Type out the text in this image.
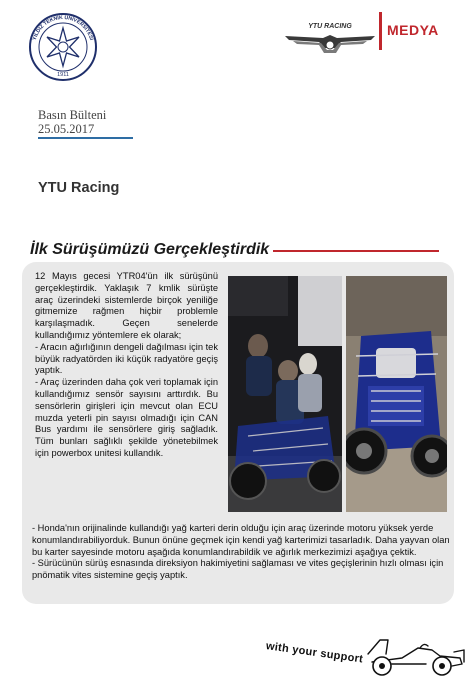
YILDIZ TEKNİK ÜNİVERSİTESİ
1911
YTU RACING	MEDYA
Basın Bülteni
25.05.2017
YTU Racing
İlk Sürüşümüzü Gerçekleştirdik

12 Mayıs gecesi YTR04'ün ilk sürüşünü gerçekleştirdik. Yaklaşık 7 kmlik sürüşte araç üzerindeki sistemlerde birçok yeniliğe gitmemize rağmen hiçbir problemle karşılaşmadık. Geçen senelerde kullandığımız yöntemlere ek olarak;

- Aracın ağırlığının dengeli dağılması için tek büyük radyatörden iki küçük radyatöre geçiş yaptık.

- Araç üzerinden daha çok veri toplamak için kullandığımız sensör sayısını arttırdık. Bu sensörlerin girişleri için mevcut olan ECU muzda yeterli pin sayısı olmadığı için CAN Bus yardımı ile sensörlere giriş sağladık. Tüm bunları sağlıklı şekilde yönetebilmek için powerbox unitesi kullandık.

- Honda'nın orijinalinde kullandığı yağ karteri derin olduğu için araç üzerinde motoru yüksek yerde konumlandırabiliyorduk. Bunun önüne geçmek için kendi yağ karterimizi tasarladık. Daha yayvan olan bu karter sayesinde motoru aşağıda konumlandırabildik ve ağırlık merkezimizi aşağıya çektik.
- Sürücünün sürüş esnasında direksiyon hakimiyetini sağlaması ve vites geçişlerinin hızlı olması için pnömatik vites sistemine geçiş yaptık.
with your support
